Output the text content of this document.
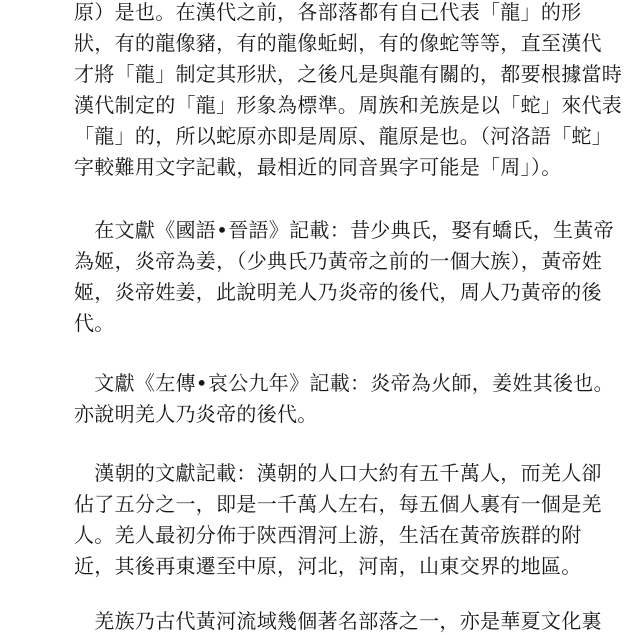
原）是也。在漢代之前，各部落都有自己代表「龍」的形
狀，有的龍像豬，有的龍像蚯蚓，有的像蛇等等，直至漢代
才將「龍」制定其形狀，之後凡是與龍有關的，都要根據當時
漢代制定的「龍」形象為標準。周族和羌族是以「蛇」來代表
「龍」的，所以蛇原亦即是周原、龍原是也。（河洛語「蛇」
字較難用文字記載，最相近的同音異字可能是「周」）。
　在文獻《國語•晉語》記載：昔少典氏，娶有蟜氏，生黃帝
為姬，炎帝為姜，（少典氏乃黃帝之前的一個大族），黃帝姓
姬，炎帝姓姜，此說明羌人乃炎帝的後代，周人乃黃帝的後
代。
　文獻《左傳•哀公九年》記載：炎帝為火師，姜姓其後也。
亦說明羌人乃炎帝的後代。
　漢朝的文獻記載：漢朝的人口大約有五千萬人，而羌人卻
佔了五分之一，即是一千萬人左右，每五個人裏有一個是羌
人。羌人最初分佈于陝西渭河上游，生活在黃帝族群的附
近，其後再東遷至中原，河北，河南，山東交界的地區。
　羌族乃古代黃河流域幾個著名部落之一，亦是華夏文化裏
